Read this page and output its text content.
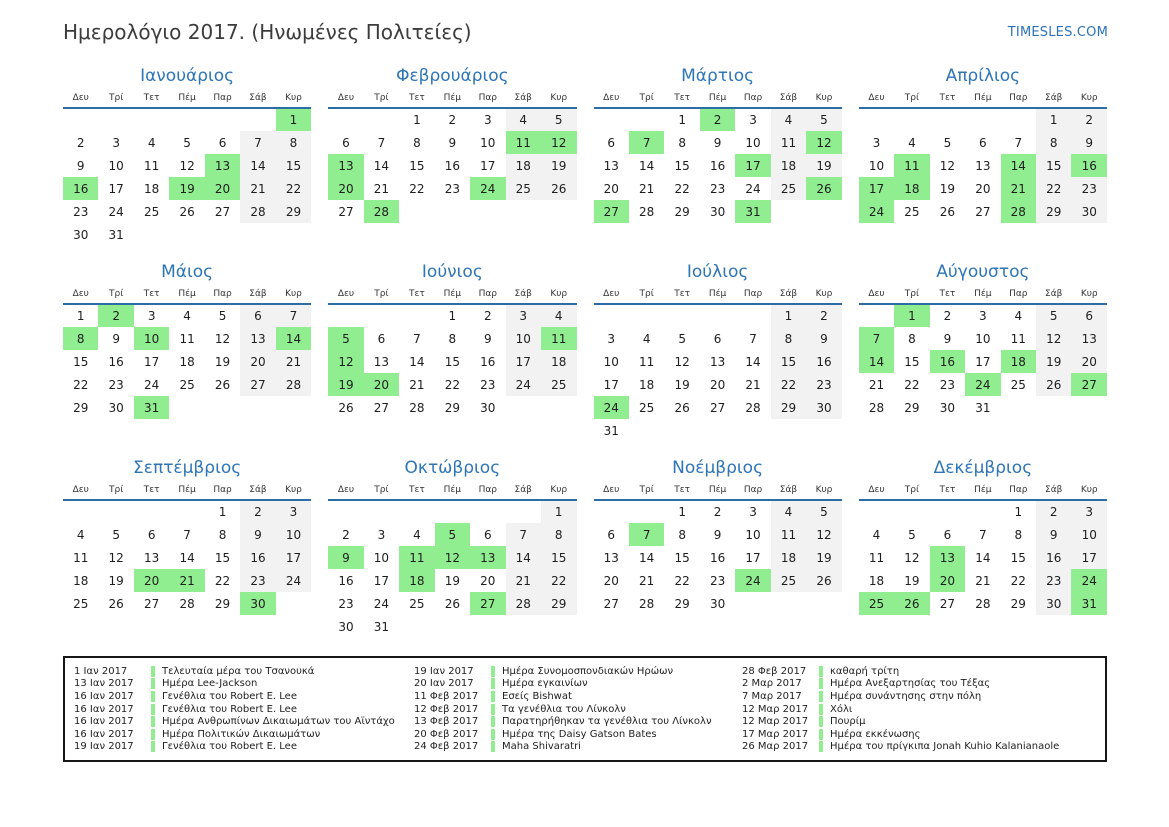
Ημερολόγιο 2017. (Ηνωμένες Πολιτείες)	TIMESLES.COM
Ιανουάριος
Δευ	Τρί	Τετ	Πέμ	Παρ	Σάβ	Κυρ
						1
2	3	4	5	6	7	8
9	10	11	12	13	14	15
16	17	18	19	20	21	22
23	24	25	26	27	28	29
30	31					
Φεβρουάριος
Δευ	Τρί	Τετ	Πέμ	Παρ	Σάβ	Κυρ
		1	2	3	4	5
6	7	8	9	10	11	12
13	14	15	16	17	18	19
20	21	22	23	24	25	26
27	28					
Μάρτιος
Δευ	Τρί	Τετ	Πέμ	Παρ	Σάβ	Κυρ
		1	2	3	4	5
6	7	8	9	10	11	12
13	14	15	16	17	18	19
20	21	22	23	24	25	26
27	28	29	30	31		
Απρίλιος
Δευ	Τρί	Τετ	Πέμ	Παρ	Σάβ	Κυρ
					1	2
3	4	5	6	7	8	9
10	11	12	13	14	15	16
17	18	19	20	21	22	23
24	25	26	27	28	29	30
Μάιος
Δευ	Τρί	Τετ	Πέμ	Παρ	Σάβ	Κυρ
1	2	3	4	5	6	7
8	9	10	11	12	13	14
15	16	17	18	19	20	21
22	23	24	25	26	27	28
29	30	31				
Ιούνιος
Δευ	Τρί	Τετ	Πέμ	Παρ	Σάβ	Κυρ
			1	2	3	4
5	6	7	8	9	10	11
12	13	14	15	16	17	18
19	20	21	22	23	24	25
26	27	28	29	30		
Ιούλιος
Δευ	Τρί	Τετ	Πέμ	Παρ	Σάβ	Κυρ
					1	2
3	4	5	6	7	8	9
10	11	12	13	14	15	16
17	18	19	20	21	22	23
24	25	26	27	28	29	30
31						
Αύγουστος
Δευ	Τρί	Τετ	Πέμ	Παρ	Σάβ	Κυρ
	1	2	3	4	5	6
7	8	9	10	11	12	13
14	15	16	17	18	19	20
21	22	23	24	25	26	27
28	29	30	31			
Σεπτέμβριος
Δευ	Τρί	Τετ	Πέμ	Παρ	Σάβ	Κυρ
				1	2	3
4	5	6	7	8	9	10
11	12	13	14	15	16	17
18	19	20	21	22	23	24
25	26	27	28	29	30	
Οκτώβριος
Δευ	Τρί	Τετ	Πέμ	Παρ	Σάβ	Κυρ
						1
2	3	4	5	6	7	8
9	10	11	12	13	14	15
16	17	18	19	20	21	22
23	24	25	26	27	28	29
30	31					
Νοέμβριος
Δευ	Τρί	Τετ	Πέμ	Παρ	Σάβ	Κυρ
		1	2	3	4	5
6	7	8	9	10	11	12
13	14	15	16	17	18	19
20	21	22	23	24	25	26
27	28	29	30			
Δεκέμβριος
Δευ	Τρί	Τετ	Πέμ	Παρ	Σάβ	Κυρ
				1	2	3
4	5	6	7	8	9	10
11	12	13	14	15	16	17
18	19	20	21	22	23	24
25	26	27	28	29	30	31
1 Ιαν 2017	Τελευταία μέρα του Τσανουκά
13 Ιαν 2017	Ημέρα Lee-Jackson
16 Ιαν 2017	Γενέθλια του Robert E. Lee
16 Ιαν 2017	Γενέθλια του Robert E. Lee
16 Ιαν 2017	Ημέρα Ανθρωπίνων Δικαιωμάτων του Αϊντάχο
16 Ιαν 2017	Ημέρα Πολιτικών Δικαιωμάτων
19 Ιαν 2017	Γενέθλια του Robert E. Lee
19 Ιαν 2017	Ημέρα Συνομοσπονδιακών Ηρώων
20 Ιαν 2017	Ημέρα εγκαινίων
11 Φεβ 2017	Εσείς Bishwat
12 Φεβ 2017	Τα γενέθλια του Λίνκολν
13 Φεβ 2017	Παρατηρήθηκαν τα γενέθλια του Λίνκολν
20 Φεβ 2017	Ημέρα της Daisy Gatson Bates
24 Φεβ 2017	Maha Shivaratri
28 Φεβ 2017	καθαρή τρίτη
2 Μαρ 2017	Ημέρα Ανεξαρτησίας του Τέξας
7 Μαρ 2017	Ημέρα συνάντησης στην πόλη
12 Μαρ 2017	Χόλι
12 Μαρ 2017	Πουρίμ
17 Μαρ 2017	Ημέρα εκκένωσης
26 Μαρ 2017	Ημέρα του πρίγκιπα Jonah Kuhio Kalanianaole
